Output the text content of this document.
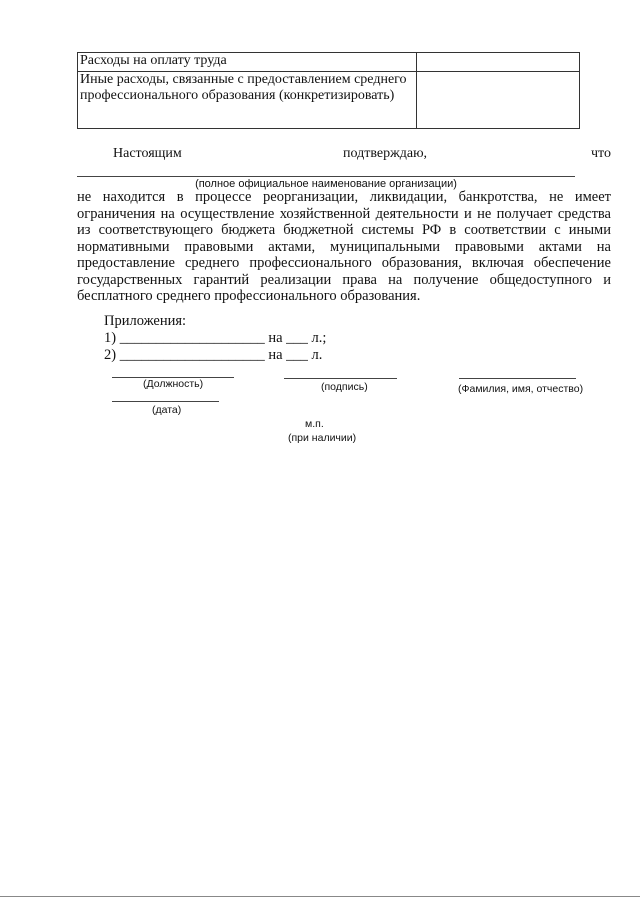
Расходы на оплату труда	
Иные расходы, связанные с предоставлением среднего профессионального образования (конкретизировать)	
Настоящим	подтверждаю,	что
(полное официальное наименование организации)

не находится в процессе реорганизации, ликвидации, банкротства, не имеет ограничения на осуществление хозяйственной деятельности и не получает средства из соответствующего бюджета бюджетной системы РФ в соответствии с иными нормативными правовыми актами, муниципальными правовыми актами на предоставление среднего профессионального образования, включая обеспечение государственных гарантий реализации права на получение общедоступного и бесплатного среднего профессионального образования.

Приложения:
1) ____________________ на ___ л.;
2) ____________________ на ___ л.
(Должность)	(подпись)	(Фамилия, имя, отчество)
(дата)
м.п.
(при наличии)
